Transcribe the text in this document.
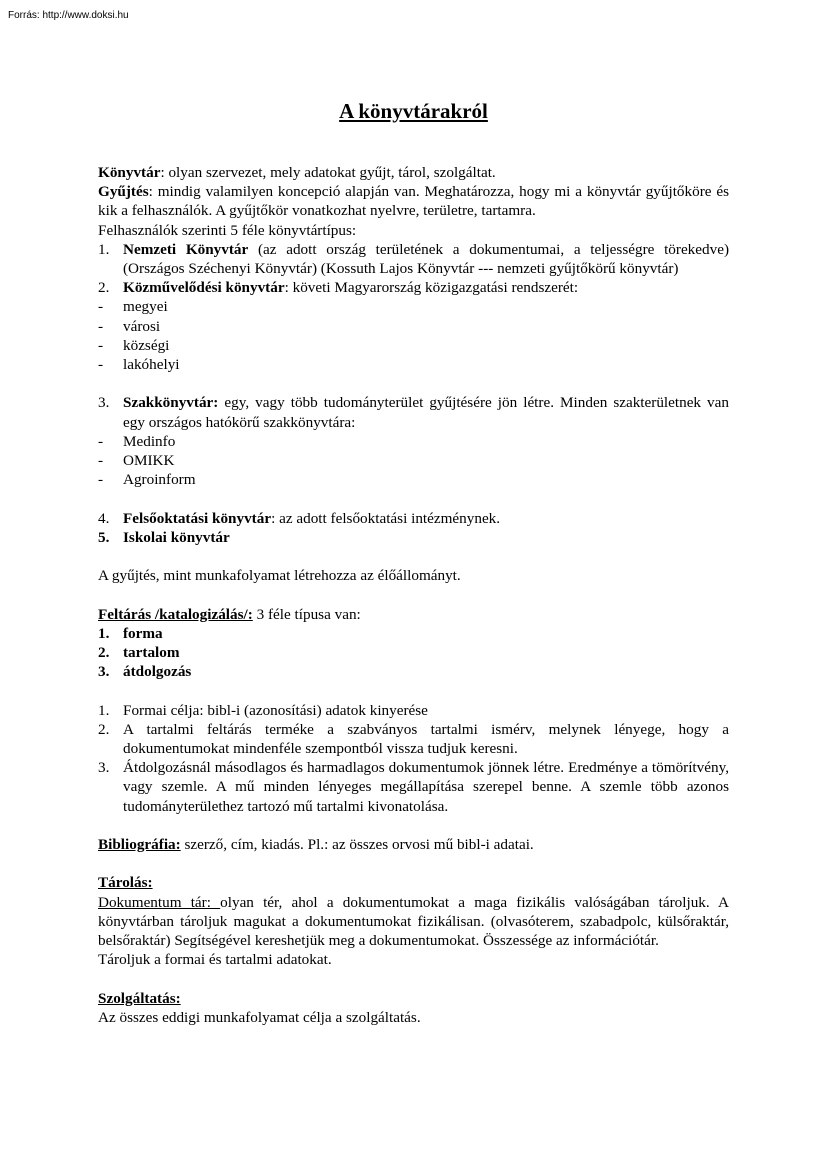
Forrás: http://www.doksi.hu
A könyvtárakról

Könyvtár: olyan szervezet, mely adatokat gyűjt, tárol, szolgáltat.

Gyűjtés: mindig valamilyen koncepció alapján van. Meghatározza, hogy mi a könyvtár gyűjtőköre és kik a felhasználók. A gyűjtőkör vonatkozhat nyelvre, területre, tartamra.

Felhasználók szerinti 5 féle könyvtártípus:

1. Nemzeti Könyvtár (az adott ország területének a dokumentumai, a teljességre törekedve) (Országos Széchenyi Könyvtár) (Kossuth Lajos Könyvtár --- nemzeti gyűjtőkörű könyvtár)
2. Közművelődési könyvtár: követi Magyarország közigazgatási rendszerét:
-	megyei
-	városi
-	községi
-	lakóhelyi
3. Szakkönyvtár: egy, vagy több tudományterület gyűjtésére jön létre. Minden szakterületnek van egy országos hatókörű szakkönyvtára:
-	Medinfo
-	OMIKK
-	Agroinform
4. Felsőoktatási könyvtár: az adott felsőoktatási intézménynek.
5. Iskolai könyvtár

A gyűjtés, mint munkafolyamat létrehozza az élőállományt.

Feltárás /katalogizálás/: 3 féle típusa van:

1. forma
2. tartalom
3. átdolgozás
1. Formai célja: bibl-i (azonosítási) adatok kinyerése
2. A tartalmi feltárás terméke a szabványos tartalmi ismérv, melynek lényege, hogy a dokumentumokat mindenféle szempontból vissza tudjuk keresni.
3. Átdolgozásnál másodlagos és harmadlagos dokumentumok jönnek létre. Eredménye a tömörítvény, vagy szemle. A mű minden lényeges megállapítása szerepel benne. A szemle több azonos tudományterülethez tartozó mű tartalmi kivonatolása.

Bibliográfia: szerző, cím, kiadás. Pl.: az összes orvosi mű bibl-i adatai.

Tárolás:

Dokumentum tár: olyan tér, ahol a dokumentumokat a maga fizikális valóságában tároljuk. A könyvtárban tároljuk magukat a dokumentumokat fizikálisan. (olvasóterem, szabadpolc, külsőraktár, belsőraktár) Segítségével kereshetjük meg a dokumentumokat. Összessége az információtár.

Tároljuk a formai és tartalmi adatokat.

Szolgáltatás:

Az összes eddigi munkafolyamat célja a szolgáltatás.
